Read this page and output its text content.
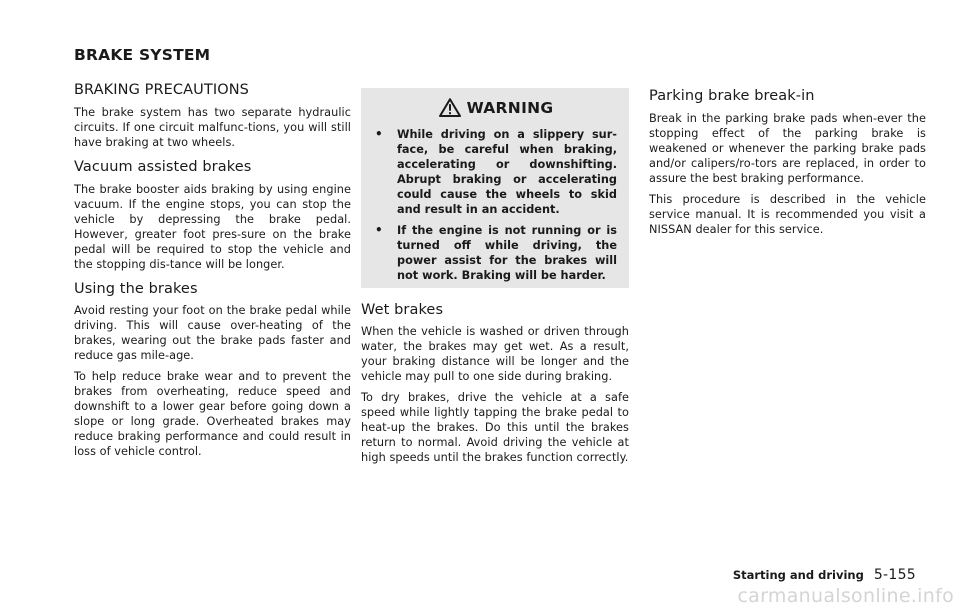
BRAKE SYSTEM
BRAKING PRECAUTIONS

The brake system has two separate hydraulic circuits. If one circuit malfunc-tions, you will still have braking at two wheels.

Vacuum assisted brakes

The brake booster aids braking by using engine vacuum. If the engine stops, you can stop the vehicle by depressing the brake pedal. However, greater foot pres-sure on the brake pedal will be required to stop the vehicle and the stopping dis-tance will be longer.

Using the brakes

Avoid resting your foot on the brake pedal while driving. This will cause over-heating of the brakes, wearing out the brake pads faster and reduce gas mile-age.

To help reduce brake wear and to prevent the brakes from overheating, reduce speed and downshift to a lower gear before going down a slope or long grade. Overheated brakes may reduce braking performance and could result in loss of vehicle control.

WARNING
•	While driving on a slippery sur-face, be careful when braking, accelerating or downshifting. Abrupt braking or accelerating could cause the wheels to skid and result in an accident.
•	If the engine is not running or is turned off while driving, the power assist for the brakes will not work. Braking will be harder.
Wet brakes

When the vehicle is washed or driven through water, the brakes may get wet. As a result, your braking distance will be longer and the vehicle may pull to one side during braking.

To dry brakes, drive the vehicle at a safe speed while lightly tapping the brake pedal to heat-up the brakes. Do this until the brakes return to normal. Avoid driving the vehicle at high speeds until the brakes function correctly.

Parking brake break-in

Break in the parking brake pads when-ever the stopping effect of the parking brake is weakened or whenever the parking brake pads and/or calipers/ro-tors are replaced, in order to assure the best braking performance.

This procedure is described in the vehicle service manual. It is recommended you visit a NISSAN dealer for this service.

Starting and driving 5-155
carmanualsonline.info
